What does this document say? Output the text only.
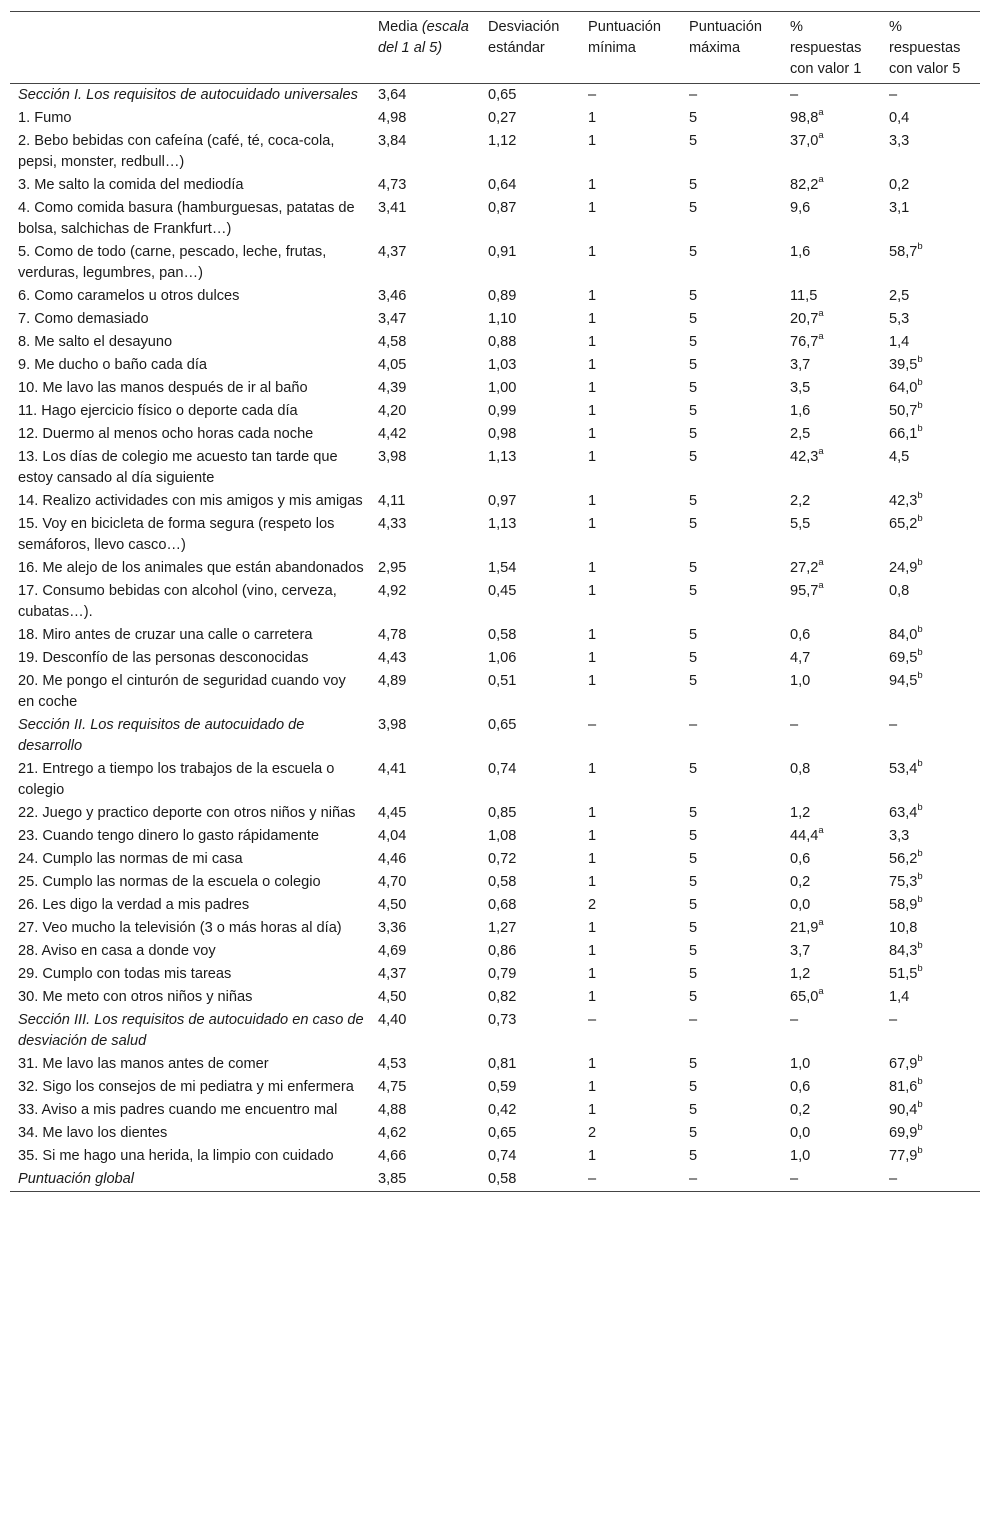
	Media (escala del 1 al 5)	Desviación estándar	Puntuación mínima	Puntuación máxima	% respuestas con valor 1	% respuestas con valor 5
Sección I. Los requisitos de autocuidado universales	3,64	0,65	–	–	–	–
1. Fumo	4,98	0,27	1	5	98,8$^a$	0,4
2. Bebo bebidas con cafeína (café, té, coca-cola, pepsi, monster, redbull…)	3,84	1,12	1	5	37,0$^a$	3,3
3. Me salto la comida del mediodía	4,73	0,64	1	5	82,2$^a$	0,2
4. Como comida basura (hamburguesas, patatas de bolsa, salchichas de Frankfurt…)	3,41	0,87	1	5	9,6	3,1
5. Como de todo (carne, pescado, leche, frutas, verduras, legumbres, pan…)	4,37	0,91	1	5	1,6	58,7$^b$
6. Como caramelos u otros dulces	3,46	0,89	1	5	11,5	2,5
7. Como demasiado	3,47	1,10	1	5	20,7$^a$	5,3
8. Me salto el desayuno	4,58	0,88	1	5	76,7$^a$	1,4
9. Me ducho o baño cada día	4,05	1,03	1	5	3,7	39,5$^b$
10. Me lavo las manos después de ir al baño	4,39	1,00	1	5	3,5	64,0$^b$
11. Hago ejercicio físico o deporte cada día	4,20	0,99	1	5	1,6	50,7$^b$
12. Duermo al menos ocho horas cada noche	4,42	0,98	1	5	2,5	66,1$^b$
13. Los días de colegio me acuesto tan tarde que estoy cansado al día siguiente	3,98	1,13	1	5	42,3$^a$	4,5
14. Realizo actividades con mis amigos y mis amigas	4,11	0,97	1	5	2,2	42,3$^b$
15. Voy en bicicleta de forma segura (respeto los semáforos, llevo casco…)	4,33	1,13	1	5	5,5	65,2$^b$
16. Me alejo de los animales que están abandonados	2,95	1,54	1	5	27,2$^a$	24,9$^b$
17. Consumo bebidas con alcohol (vino, cerveza, cubatas…).	4,92	0,45	1	5	95,7$^a$	0,8
18. Miro antes de cruzar una calle o carretera	4,78	0,58	1	5	0,6	84,0$^b$
19. Desconfío de las personas desconocidas	4,43	1,06	1	5	4,7	69,5$^b$
20. Me pongo el cinturón de seguridad cuando voy en coche	4,89	0,51	1	5	1,0	94,5$^b$
Sección II. Los requisitos de autocuidado de desarrollo	3,98	0,65	–	–	–	–
21. Entrego a tiempo los trabajos de la escuela o colegio	4,41	0,74	1	5	0,8	53,4$^b$
22. Juego y practico deporte con otros niños y niñas	4,45	0,85	1	5	1,2	63,4$^b$
23. Cuando tengo dinero lo gasto rápidamente	4,04	1,08	1	5	44,4$^a$	3,3
24. Cumplo las normas de mi casa	4,46	0,72	1	5	0,6	56,2$^b$
25. Cumplo las normas de la escuela o colegio	4,70	0,58	1	5	0,2	75,3$^b$
26. Les digo la verdad a mis padres	4,50	0,68	2	5	0,0	58,9$^b$
27. Veo mucho la televisión (3 o más horas al día)	3,36	1,27	1	5	21,9$^a$	10,8
28. Aviso en casa a donde voy	4,69	0,86	1	5	3,7	84,3$^b$
29. Cumplo con todas mis tareas	4,37	0,79	1	5	1,2	51,5$^b$
30. Me meto con otros niños y niñas	4,50	0,82	1	5	65,0$^a$	1,4
Sección III. Los requisitos de autocuidado en caso de desviación de salud	4,40	0,73	–	–	–	–
31. Me lavo las manos antes de comer	4,53	0,81	1	5	1,0	67,9$^b$
32. Sigo los consejos de mi pediatra y mi enfermera	4,75	0,59	1	5	0,6	81,6$^b$
33. Aviso a mis padres cuando me encuentro mal	4,88	0,42	1	5	0,2	90,4$^b$
34. Me lavo los dientes	4,62	0,65	2	5	0,0	69,9$^b$
35. Si me hago una herida, la limpio con cuidado	4,66	0,74	1	5	1,0	77,9$^b$
Puntuación global	3,85	0,58	–	–	–	–
